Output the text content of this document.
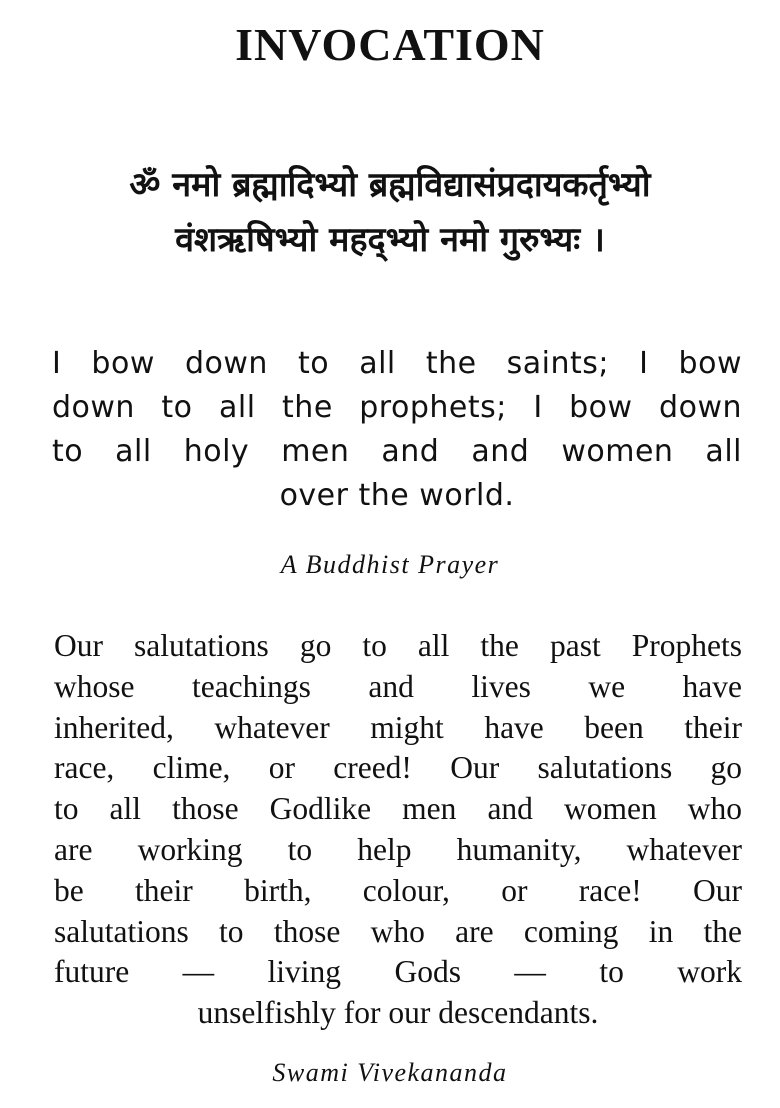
INVOCATION
ॐ नमो ब्रह्मादिभ्यो ब्रह्मविद्यासंप्रदायकर्तृभ्यो
वंशऋषिभ्यो महद्भ्यो नमो गुरुभ्यः ।
I bow down to all the saints; I bow
down to all the prophets; I bow down
to all holy men and and women all
over the world.
A Buddhist Prayer
Our salutations go to all the past Prophets
whose teachings and lives we have
inherited, whatever might have been their
race, clime, or creed! Our salutations go
to all those Godlike men and women who
are working to help humanity, whatever
be their birth, colour, or race! Our
salutations to those who are coming in the
future — living Gods — to work
unselfishly for our descendants.
Swami Vivekananda
